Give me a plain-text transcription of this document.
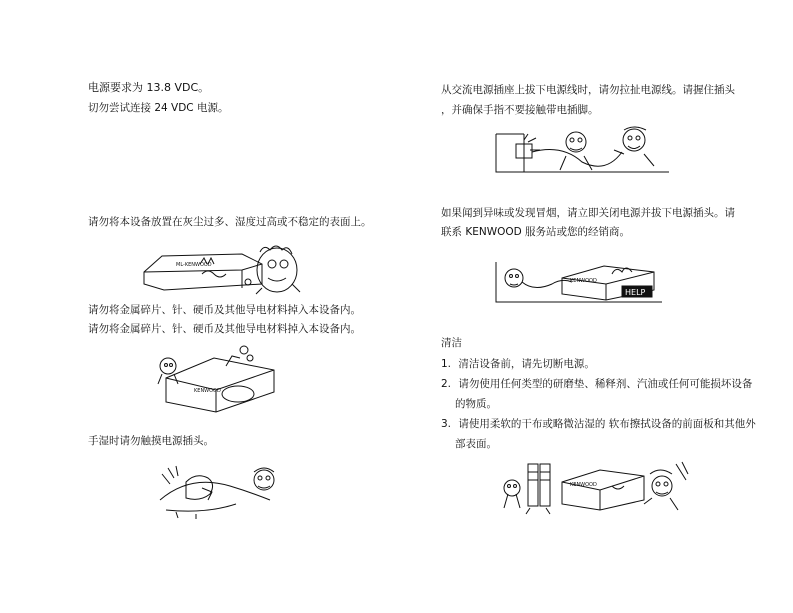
电源要求为 13.8 VDC。
切勿尝试连接 24 VDC 电源。
请勿将本设备放置在灰尘过多、湿度过高或不稳定的表面上。
ML-KENWOOD
请勿将金属碎片、针、硬币及其他导电材料掉入本设备内。
请勿将金属碎片、针、硬币及其他导电材料掉入本设备内。
KENWOOD
手湿时请勿触摸电源插头。
从交流电源插座上拔下电源线时，请勿拉扯电源线。请握住插头
，并确保手指不要接触带电插脚。
如果闻到异味或发现冒烟，请立即关闭电源并拔下电源插头。请
联系 KENWOOD 服务站或您的经销商。
KENWOOD
HELP
清洁
1. 清洁设备前，请先切断电源。
2. 请勿使用任何类型的研磨垫、稀释剂、汽油或任何可能损坏设备
的物质。
3. 请使用柔软的干布或略微沾湿的 软布擦拭设备的前面板和其他外
部表面。
KENWOOD
